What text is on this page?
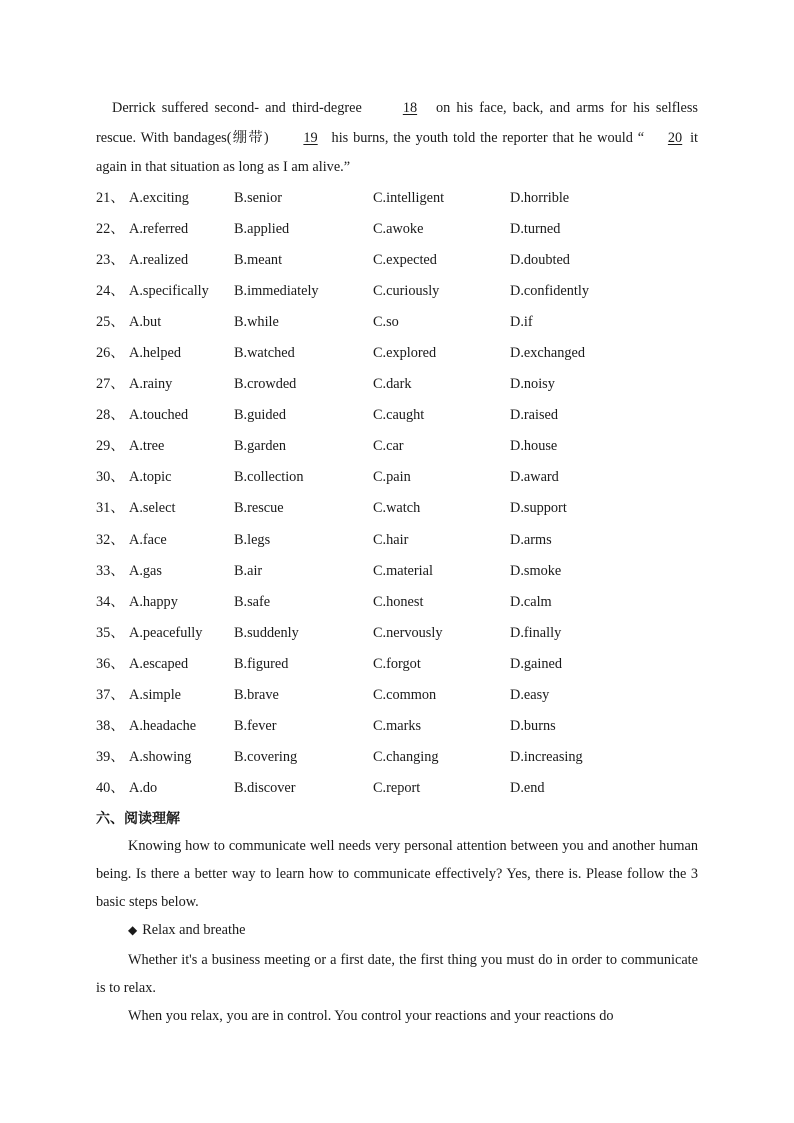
Derrick suffered second- and third-degree	18 on his face, back, and arms for his selfless rescue. With bandages(绷带) 19 his burns, the youth told the reporter that he would “ 20 it again in that situation as long as I am alive.”

21、 A.exciting	B.senior	C.intelligent	D.horrible
22、 A.referred	B.applied	C.awoke	D.turned
23、 A.realized	B.meant	C.expected	D.doubted
24、 A.specifically	B.immediately	C.curiously	D.confidently
25、 A.but	B.while	C.so	D.if
26、 A.helped	B.watched	C.explored	D.exchanged
27、 A.rainy	B.crowded	C.dark	D.noisy
28、 A.touched	B.guided	C.caught	D.raised
29、 A.tree	B.garden	C.car	D.house
30、 A.topic	B.collection	C.pain	D.award
31、 A.select	B.rescue	C.watch	D.support
32、 A.face	B.legs	C.hair	D.arms
33、 A.gas	B.air	C.material	D.smoke
34、 A.happy	B.safe	C.honest	D.calm
35、 A.peacefully	B.suddenly	C.nervously	D.finally
36、 A.escaped	B.figured	C.forgot	D.gained
37、 A.simple	B.brave	C.common	D.easy
38、 A.headache	B.fever	C.marks	D.burns
39、 A.showing	B.covering	C.changing	D.increasing
40、 A.do	B.discover	C.report	D.end
六、阅读理解

Knowing how to communicate well needs very personal attention between you and another human being. Is there a better way to learn how to communicate effectively? Yes, there is. Please follow the 3 basic steps below.

◆ Relax and breathe

Whether it's a business meeting or a first date, the first thing you must do in order to communicate is to relax.

When you relax, you are in control. You control your reactions and your reactions do
